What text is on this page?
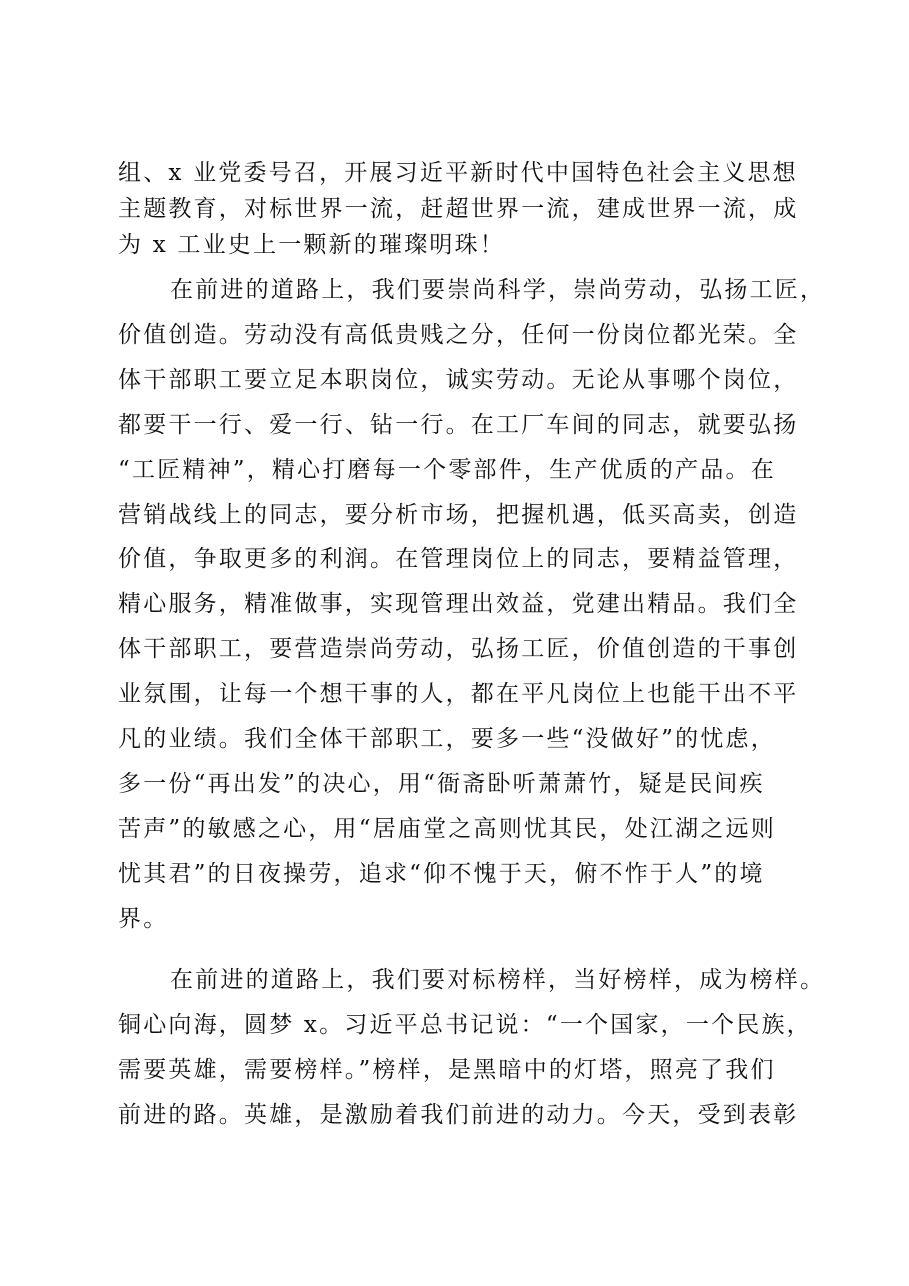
组、x 业党委号召，开展习近平新时代中国特色社会主义思想
主题教育，对标世界一流，赶超世界一流，建成世界一流，成
为 x 工业史上一颗新的璀璨明珠！
在前进的道路上，我们要崇尚科学，崇尚劳动，弘扬工匠，
价值创造。劳动没有高低贵贱之分，任何一份岗位都光荣。全
体干部职工要立足本职岗位，诚实劳动。无论从事哪个岗位，
都要干一行、爱一行、钻一行。在工厂车间的同志，就要弘扬
“工匠精神”，精心打磨每一个零部件，生产优质的产品。在
营销战线上的同志，要分析市场，把握机遇，低买高卖，创造
价值，争取更多的利润。在管理岗位上的同志，要精益管理，
精心服务，精准做事，实现管理出效益，党建出精品。我们全
体干部职工，要营造崇尚劳动，弘扬工匠，价值创造的干事创
业氛围，让每一个想干事的人，都在平凡岗位上也能干出不平
凡的业绩。我们全体干部职工，要多一些“没做好”的忧虑，
多一份“再出发”的决心，用“衙斋卧听萧萧竹，疑是民间疾
苦声”的敏感之心，用“居庙堂之高则忧其民，处江湖之远则
忧其君”的日夜操劳，追求“仰不愧于天，俯不怍于人”的境
界。
在前进的道路上，我们要对标榜样，当好榜样，成为榜样。
铜心向海，圆梦 x。习近平总书记说：“一个国家，一个民族，
需要英雄，需要榜样。”榜样，是黑暗中的灯塔，照亮了我们
前进的路。英雄，是激励着我们前进的动力。今天，受到表彰
